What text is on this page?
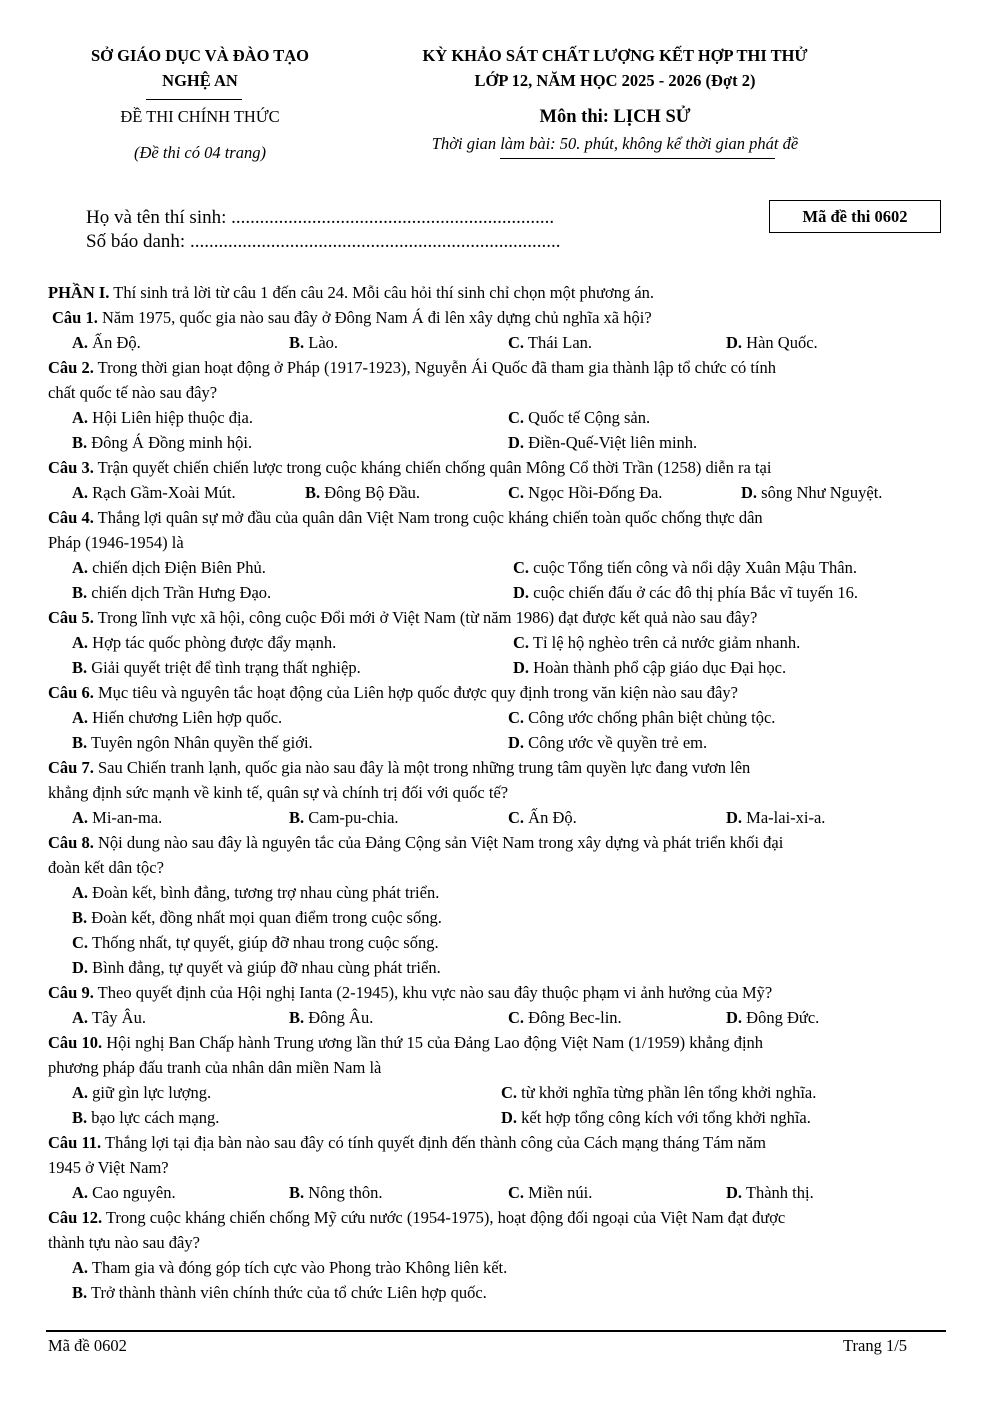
SỞ GIÁO DỤC VÀ ĐÀO TẠO
NGHỆ AN
ĐỀ THI CHÍNH THỨC
(Đề thi có 04 trang)
KỲ KHẢO SÁT CHẤT LƯỢNG KẾT HỢP THI THỬ
LỚP 12, NĂM HỌC 2025 - 2026 (Đợt 2)
Môn thi: LỊCH SỬ
Thời gian làm bài: 50. phút, không kể thời gian phát đề
Họ và tên thí sinh: ....................................................................
Số báo danh: ..............................................................................
Mã đề thi 0602
PHẦN I. Thí sinh trả lời từ câu 1 đến câu 24. Mỗi câu hỏi thí sinh chỉ chọn một phương án.
Câu 1. Năm 1975, quốc gia nào sau đây ở Đông Nam Á đi lên xây dựng chủ nghĩa xã hội?
A. Ấn Độ.	B. Lào.	C. Thái Lan.	D. Hàn Quốc.
Câu 2. Trong thời gian hoạt động ở Pháp (1917-1923), Nguyễn Ái Quốc đã tham gia thành lập tổ chức có tính
chất quốc tế nào sau đây?
A. Hội Liên hiệp thuộc địa.	C. Quốc tế Cộng sản.
B. Đông Á Đồng minh hội.	D. Điền-Quế-Việt liên minh.
Câu 3. Trận quyết chiến chiến lược trong cuộc kháng chiến chống quân Mông Cổ thời Trần (1258) diễn ra tại
A. Rạch Gầm-Xoài Mút.	B. Đông Bộ Đầu.	C. Ngọc Hồi-Đống Đa.	D. sông Như Nguyệt.
Câu 4. Thắng lợi quân sự mở đầu của quân dân Việt Nam trong cuộc kháng chiến toàn quốc chống thực dân
Pháp (1946-1954) là
A. chiến dịch Điện Biên Phủ.	C. cuộc Tổng tiến công và nổi dậy Xuân Mậu Thân.
B. chiến dịch Trần Hưng Đạo.	D. cuộc chiến đấu ở các đô thị phía Bắc vĩ tuyến 16.
Câu 5. Trong lĩnh vực xã hội, công cuộc Đổi mới ở Việt Nam (từ năm 1986) đạt được kết quả nào sau đây?
A. Hợp tác quốc phòng được đẩy mạnh.	C. Tỉ lệ hộ nghèo trên cả nước giảm nhanh.
B. Giải quyết triệt để tình trạng thất nghiệp.	D. Hoàn thành phổ cập giáo dục Đại học.
Câu 6. Mục tiêu và nguyên tắc hoạt động của Liên hợp quốc được quy định trong văn kiện nào sau đây?
A. Hiến chương Liên hợp quốc.	C. Công ước chống phân biệt chủng tộc.
B. Tuyên ngôn Nhân quyền thế giới.	D. Công ước về quyền trẻ em.
Câu 7. Sau Chiến tranh lạnh, quốc gia nào sau đây là một trong những trung tâm quyền lực đang vươn lên
khẳng định sức mạnh về kinh tế, quân sự và chính trị đối với quốc tế?
A. Mi-an-ma.	B. Cam-pu-chia.	C. Ấn Độ.	D. Ma-lai-xi-a.
Câu 8. Nội dung nào sau đây là nguyên tắc của Đảng Cộng sản Việt Nam trong xây dựng và phát triển khối đại
đoàn kết dân tộc?
A. Đoàn kết, bình đẳng, tương trợ nhau cùng phát triển.
B. Đoàn kết, đồng nhất mọi quan điểm trong cuộc sống.
C. Thống nhất, tự quyết, giúp đỡ nhau trong cuộc sống.
D. Bình đẳng, tự quyết và giúp đỡ nhau cùng phát triển.
Câu 9. Theo quyết định của Hội nghị Ianta (2-1945), khu vực nào sau đây thuộc phạm vi ảnh hưởng của Mỹ?
A. Tây Âu.	B. Đông Âu.	C. Đông Bec-lin.	D. Đông Đức.
Câu 10. Hội nghị Ban Chấp hành Trung ương lần thứ 15 của Đảng Lao động Việt Nam (1/1959) khẳng định
phương pháp đấu tranh của nhân dân miền Nam là
A. giữ gìn lực lượng.	C. từ khởi nghĩa từng phần lên tổng khởi nghĩa.
B. bạo lực cách mạng.	D. kết hợp tổng công kích với tổng khởi nghĩa.
Câu 11. Thắng lợi tại địa bàn nào sau đây có tính quyết định đến thành công của Cách mạng tháng Tám năm
1945 ở Việt Nam?
A. Cao nguyên.	B. Nông thôn.	C. Miền núi.	D. Thành thị.
Câu 12. Trong cuộc kháng chiến chống Mỹ cứu nước (1954-1975), hoạt động đối ngoại của Việt Nam đạt được
thành tựu nào sau đây?
A. Tham gia và đóng góp tích cực vào Phong trào Không liên kết.
B. Trở thành thành viên chính thức của tổ chức Liên hợp quốc.
Mã đề 0602	Trang 1/5
